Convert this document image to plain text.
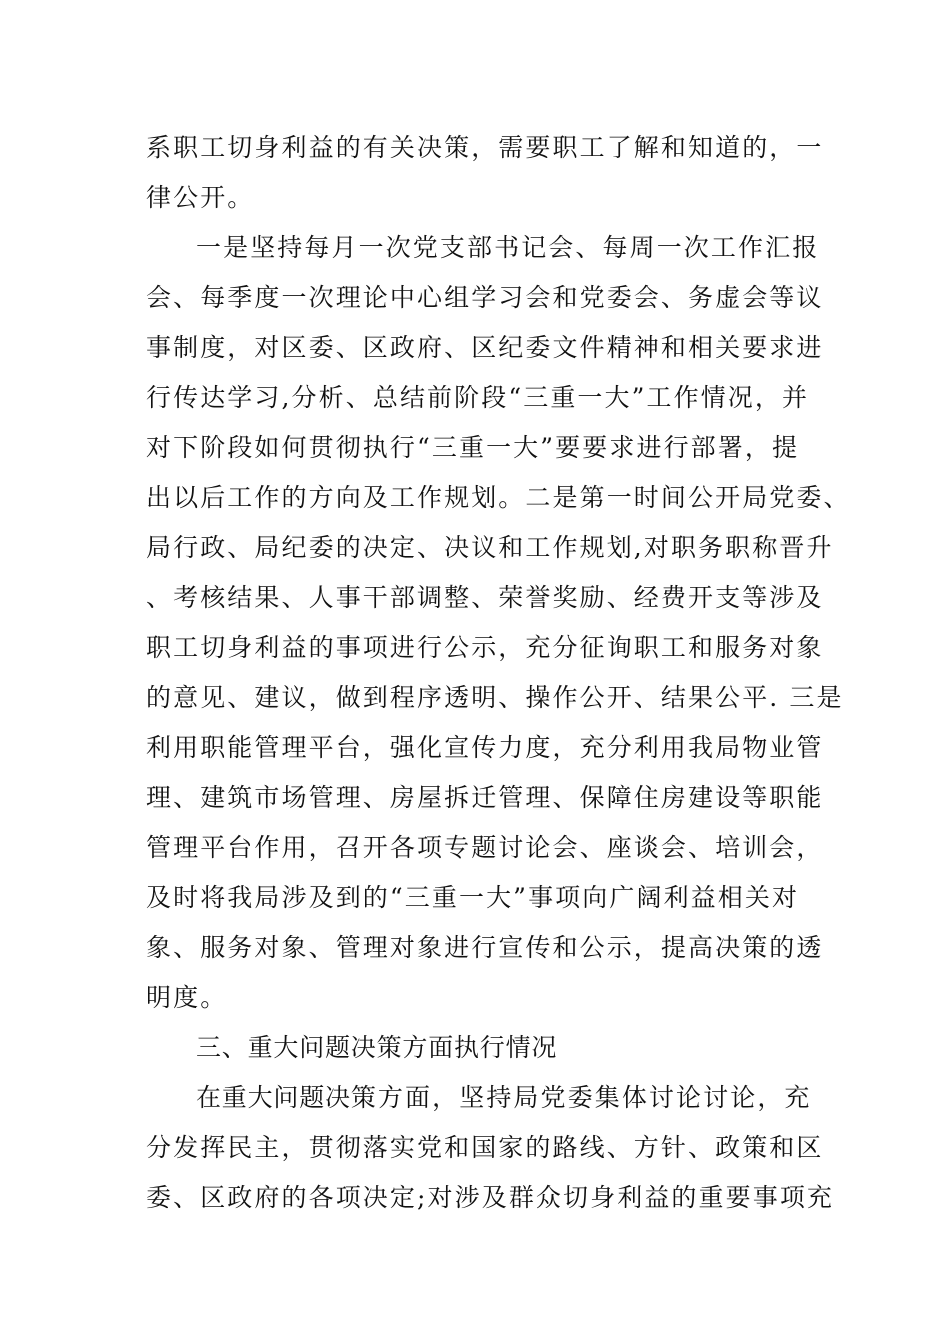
系职工切身利益的有关决策，需要职工了解和知道的，一
律公开。
一是坚持每月一次党支部书记会、每周一次工作汇报
会、每季度一次理论中心组学习会和党委会、务虚会等议
事制度，对区委、区政府、区纪委文件精神和相关要求进
行传达学习,分析、总结前阶段“三重一大”工作情况，并
对下阶段如何贯彻执行“三重一大”要要求进行部署，提
出以后工作的方向及工作规划。二是第一时间公开局党委、
局行政、局纪委的决定、决议和工作规划,对职务职称晋升
、考核结果、人事干部调整、荣誉奖励、经费开支等涉及
职工切身利益的事项进行公示，充分征询职工和服务对象
的意见、建议，做到程序透明、操作公开、结果公平. 三是
利用职能管理平台，强化宣传力度，充分利用我局物业管
理、建筑市场管理、房屋拆迁管理、保障住房建设等职能
管理平台作用，召开各项专题讨论会、座谈会、培训会，
及时将我局涉及到的“三重一大”事项向广阔利益相关对
象、服务对象、管理对象进行宣传和公示，提高决策的透
明度。
三、重大问题决策方面执行情况
在重大问题决策方面，坚持局党委集体讨论讨论，充
分发挥民主，贯彻落实党和国家的路线、方针、政策和区
委、区政府的各项决定;对涉及群众切身利益的重要事项充
